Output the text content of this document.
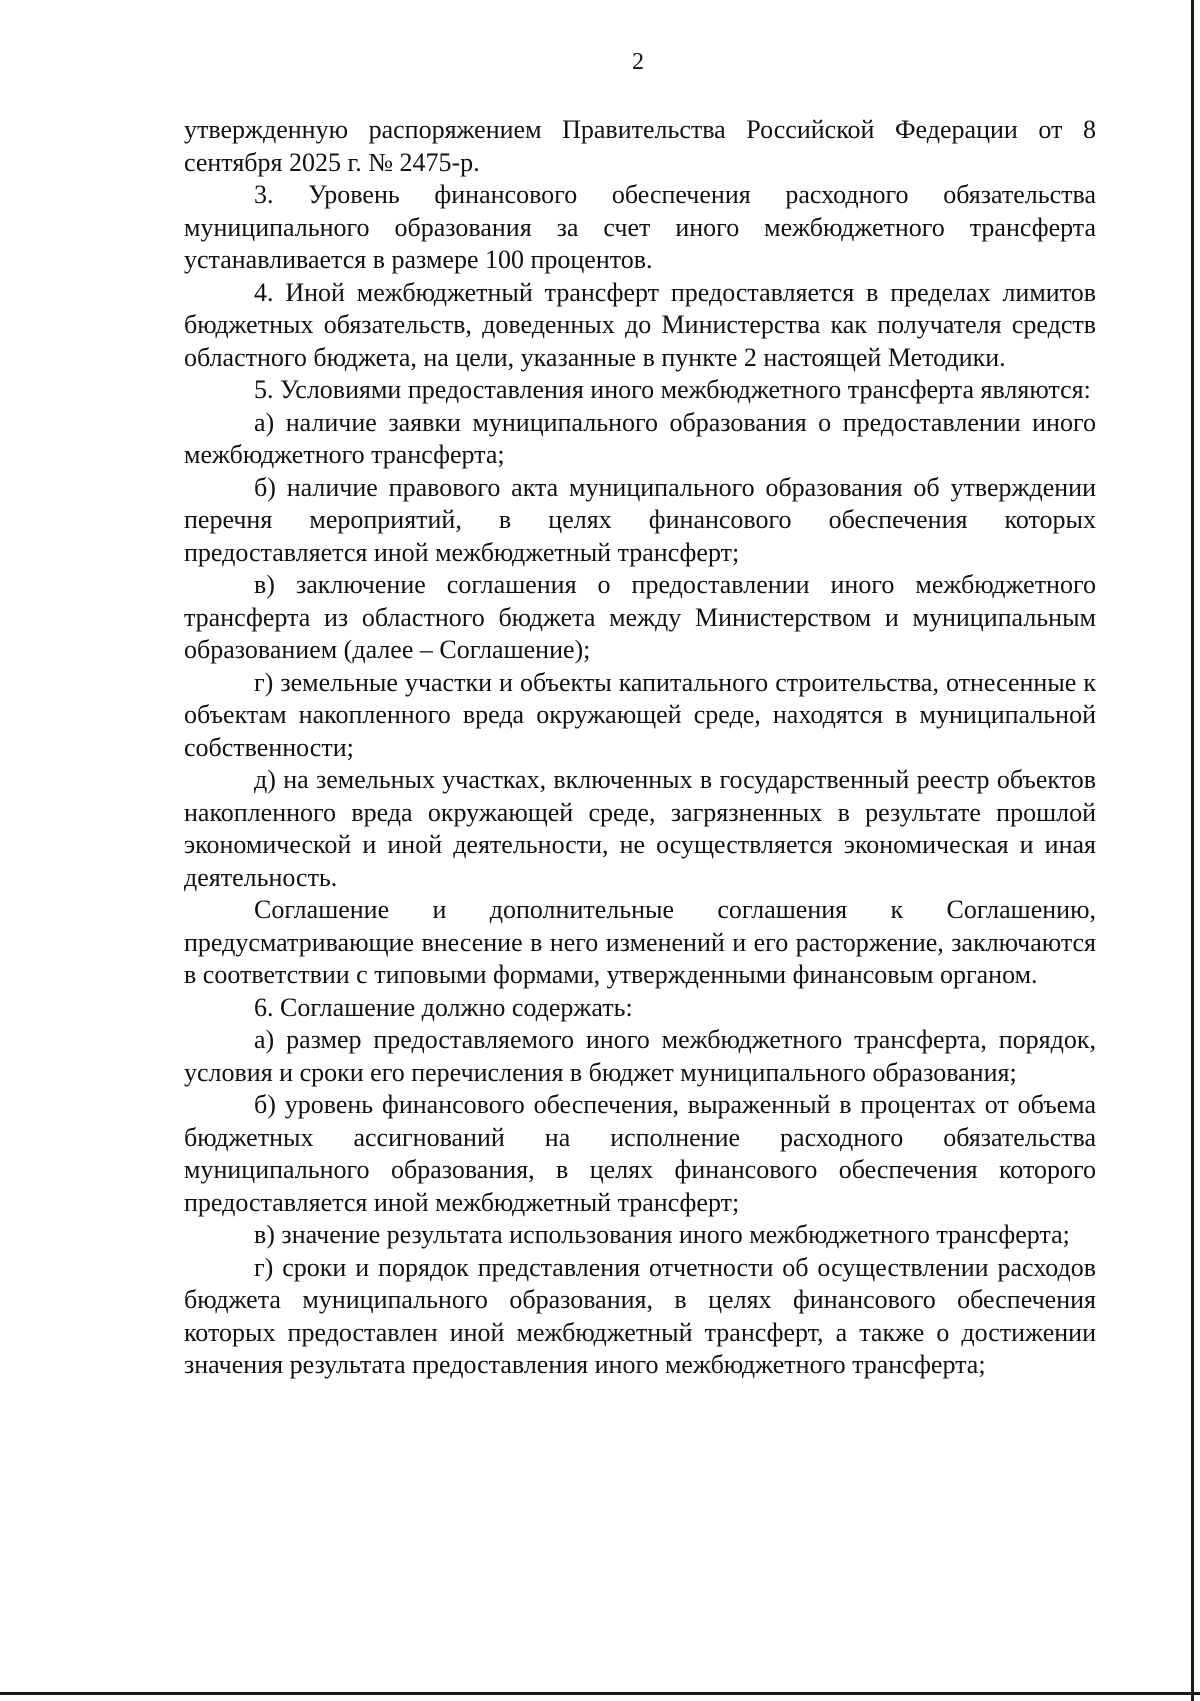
2

утвержденную распоряжением Правительства Российской Федерации от 8 сентября 2025 г. № 2475-р.

3. Уровень финансового обеспечения расходного обязательства муниципального образования за счет иного межбюджетного трансферта устанавливается в размере 100 процентов.

4. Иной межбюджетный трансферт предоставляется в пределах лимитов бюджетных обязательств, доведенных до Министерства как получателя средств областного бюджета, на цели, указанные в пункте 2 настоящей Методики.

5. Условиями предоставления иного межбюджетного трансферта являются:

а) наличие заявки муниципального образования о предоставлении иного межбюджетного трансферта;

б) наличие правового акта муниципального образования об утверждении перечня мероприятий, в целях финансового обеспечения которых предоставляется иной межбюджетный трансферт;

в) заключение соглашения о предоставлении иного межбюджетного трансферта из областного бюджета между Министерством и муниципальным образованием (далее – Соглашение);

г) земельные участки и объекты капитального строительства, отнесенные к объектам накопленного вреда окружающей среде, находятся в муниципальной собственности;

д) на земельных участках, включенных в государственный реестр объектов накопленного вреда окружающей среде, загрязненных в результате прошлой экономической и иной деятельности, не осуществляется экономическая и иная деятельность.

Соглашение и дополнительные соглашения к Соглашению, предусматривающие внесение в него изменений и его расторжение, заключаются в соответствии с типовыми формами, утвержденными финансовым органом.

6. Соглашение должно содержать:

а) размер предоставляемого иного межбюджетного трансферта, порядок, условия и сроки его перечисления в бюджет муниципального образования;

б) уровень финансового обеспечения, выраженный в процентах от объема бюджетных ассигнований на исполнение расходного обязательства муниципального образования, в целях финансового обеспечения которого предоставляется иной межбюджетный трансферт;

в) значение результата использования иного межбюджетного трансферта;

г) сроки и порядок представления отчетности об осуществлении расходов бюджета муниципального образования, в целях финансового обеспечения которых предоставлен иной межбюджетный трансферт, а также о достижении значения результата предоставления иного межбюджетного трансферта;
